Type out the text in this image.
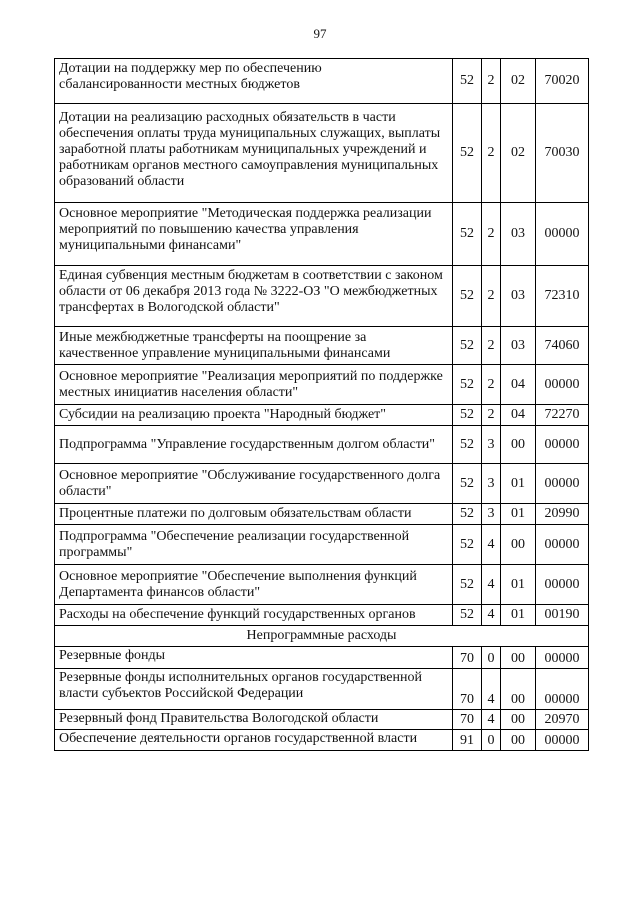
97
Дотации на поддержку мер по обеспечению сбалансированности местных бюджетов	52	2	02	70020
Дотации на реализацию расходных обязательств в части обеспечения оплаты труда муниципальных служащих, выплаты заработной платы работникам муниципальных учреждений и работникам органов местного самоуправления муниципальных образований области	52	2	02	70030
Основное мероприятие "Методическая поддержка реализации мероприятий по повышению качества управления муниципальными финансами"	52	2	03	00000
Единая субвенция местным бюджетам в соответствии с законом области от 06 декабря 2013 года № 3222-ОЗ "О межбюджетных трансфертах в Вологодской области"	52	2	03	72310
Иные межбюджетные трансферты на поощрение за качественное управление муниципальными финансами	52	2	03	74060
Основное мероприятие "Реализация мероприятий по поддержке местных инициатив населения области"	52	2	04	00000
Субсидии на реализацию проекта "Народный бюджет"	52	2	04	72270
Подпрограмма "Управление государственным долгом области"	52	3	00	00000
Основное мероприятие "Обслуживание государственного долга области"	52	3	01	00000
Процентные платежи по долговым обязательствам области	52	3	01	20990
Подпрограмма "Обеспечение реализации государственной программы"	52	4	00	00000
Основное мероприятие "Обеспечение выполнения функций Департамента финансов области"	52	4	01	00000
Расходы на обеспечение функций государственных органов	52	4	01	00190
Непрограммные расходы				
Резервные фонды	70	0	00	00000
Резервные фонды исполнительных органов государственной власти субъектов Российской Федерации	70	4	00	00000
Резервный фонд Правительства Вологодской области	70	4	00	20970
Обеспечение деятельности органов государственной власти	91	0	00	00000
